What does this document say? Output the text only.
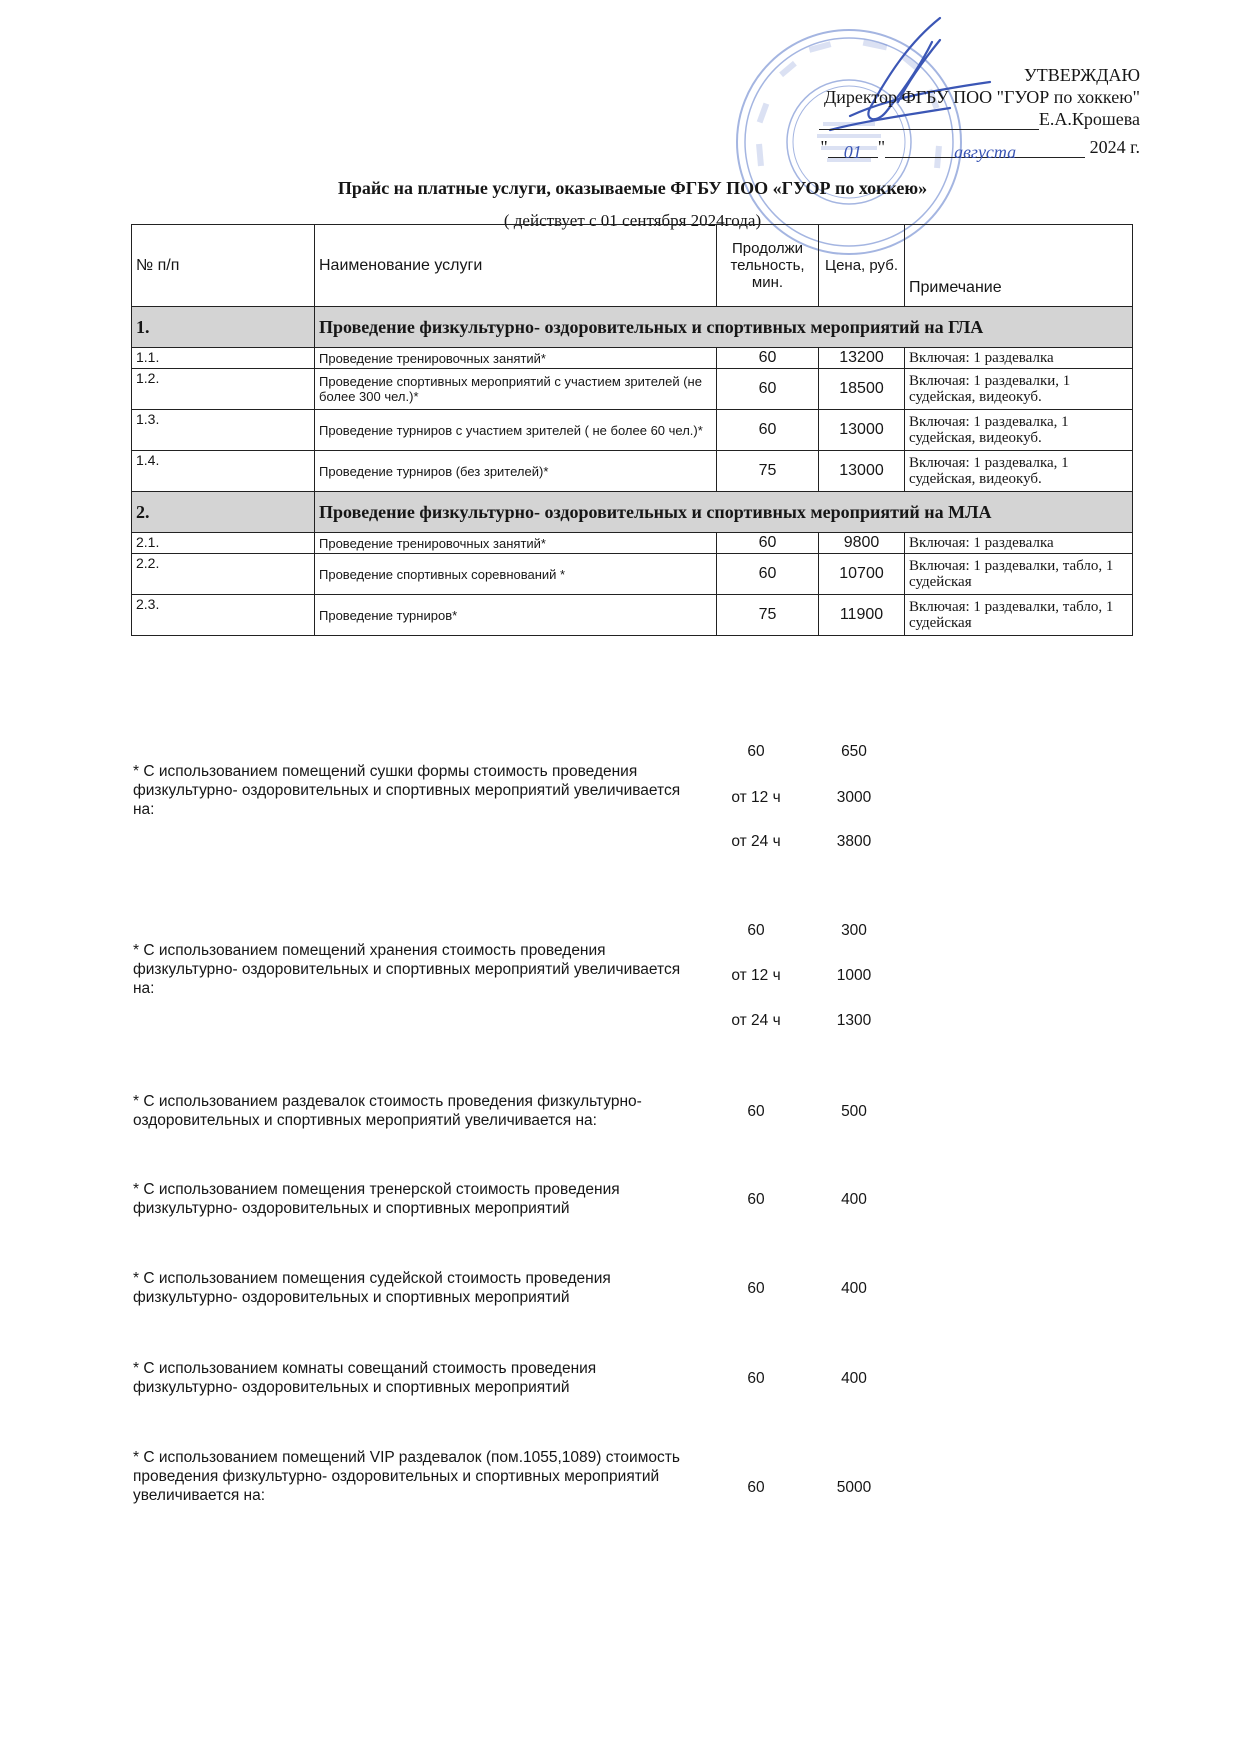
УТВЕРЖДАЮ
Директор ФГБУ ПОО "ГУОР по хоккею"
Е.А.Крошева
" 01 "	августа	2024 г.
Прайс на платные услуги, оказываемые ФГБУ ПОО «ГУОР по хоккею»
( действует с 01 сентября 2024года)
№ п/п	Наименование услуги	Продолжи тельность, мин.	Цена, руб.	Примечание
1.	Проведение физкультурно- оздоровительных и спортивных мероприятий на ГЛА			
1.1.	Проведение тренировочных занятий*	60	13200	Включая: 1 раздевалка
1.2.	Проведение спортивных мероприятий с участием зрителей (не более 300 чел.)*	60	18500	Включая: 1 раздевалки, 1 судейская, видеокуб.
1.3.	Проведение турниров с участием зрителей ( не более 60 чел.)*	60	13000	Включая: 1 раздевалка, 1 судейская, видеокуб.
1.4.	Проведение турниров (без зрителей)*	75	13000	Включая: 1 раздевалка, 1 судейская, видеокуб.
2.	Проведение физкультурно- оздоровительных и спортивных мероприятий на МЛА			
2.1.	Проведение тренировочных занятий*	60	9800	Включая: 1 раздевалка
2.2.	Проведение спортивных соревнований *	60	10700	Включая: 1 раздевалки, табло, 1 судейская
2.3.	Проведение турниров*	75	11900	Включая: 1 раздевалки, табло, 1 судейская
* С использованием помещений сушки формы стоимость проведения физкультурно- оздоровительных и спортивных мероприятий увеличивается на:
60	650
от 12 ч	3000
от 24 ч	3800
* С использованием помещений хранения стоимость проведения физкультурно- оздоровительных и спортивных мероприятий увеличивается на:
60	300
от 12 ч	1000
от 24 ч	1300
* С использованием раздевалок стоимость проведения физкультурно- оздоровительных и спортивных мероприятий увеличивается на:
60	500
* С использованием помещения тренерской стоимость проведения физкультурно- оздоровительных и спортивных мероприятий
60	400
* С использованием помещения судейской стоимость проведения физкультурно- оздоровительных и спортивных мероприятий
60	400
* С использованием комнаты совещаний стоимость проведения физкультурно- оздоровительных и спортивных мероприятий
60	400
* С использованием помещений VIP раздевалок (пом.1055,1089) стоимость проведения физкультурно- оздоровительных и спортивных мероприятий увеличивается на:	60	5000
